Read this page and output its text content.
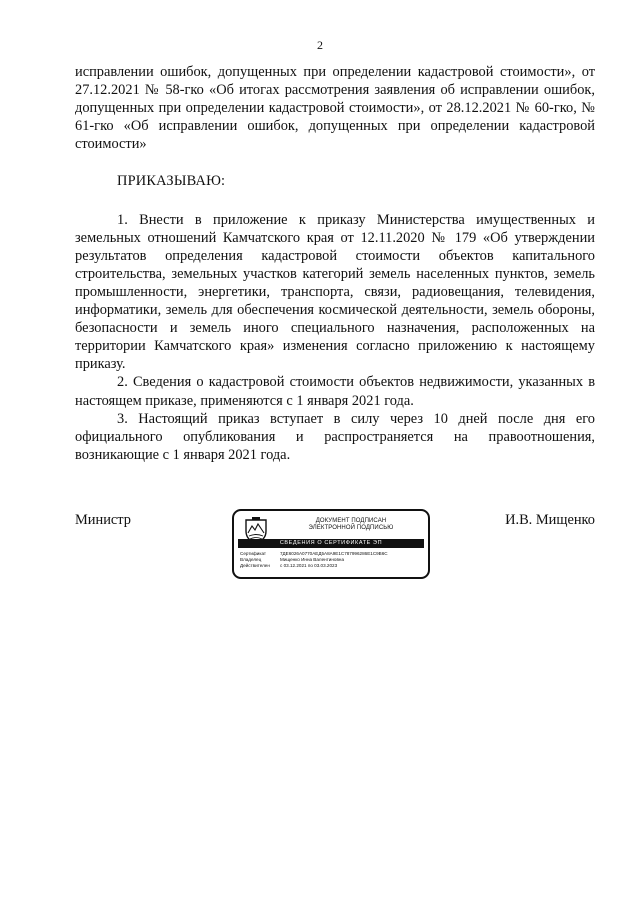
2

исправлении ошибок, допущенных при определении кадастровой стоимости», от 27.12.2021 № 58-гко «Об итогах рассмотрения заявления об исправлении ошибок, допущенных при определении кадастровой стоимости», от 28.12.2021 № 60-гко, № 61-гко «Об исправлении ошибок, допущенных при определении кадастровой стоимости»

ПРИКАЗЫВАЮ:

1. Внести в приложение к приказу Министерства имущественных и земельных отношений Камчатского края от 12.11.2020 № 179 «Об утверждении результатов определения кадастровой стоимости объектов капитального строительства, земельных участков категорий земель населенных пунктов, земель промышленности, энергетики, транспорта, связи, радиовещания, телевидения, информатики, земель для обеспечения космической деятельности, земель обороны, безопасности и земель иного специального назначения, расположенных на территории Камчатского края» изменения согласно приложению к настоящему приказу.

2. Сведения о кадастровой стоимости объектов недвижимости, указанных в настоящем приказе, применяются с 1 января 2021 года.

3. Настоящий приказ вступает в силу через 10 дней после дня его официального опубликования и распространяется на правоотношения, возникающие с 1 января 2021 года.

Министр	И.В. Мищенко
ДОКУМЕНТ ПОДПИСАН
ЭЛЕКТРОННОЙ ПОДПИСЬЮ
СВЕДЕНИЯ О СЕРТИФИКАТЕ ЭП
Сертификат	7ДЕ6026А0770АЕД5А8А9Е1С787996286Е1С9В6С
Владелец	Мищенко Инна Валентиновна
Действителен с 03.12.2021 по 03.03.2023
